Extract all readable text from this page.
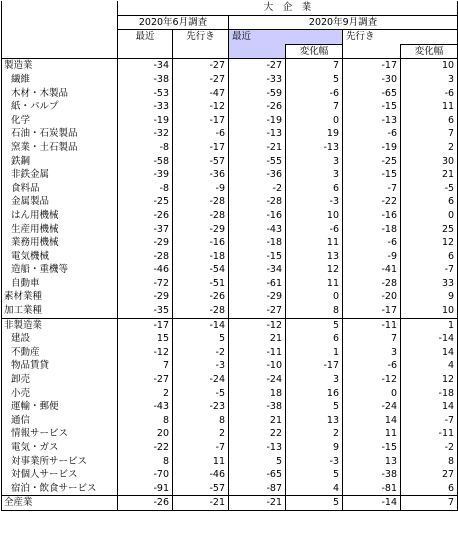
	大　企　業					
	2020年6月調査		2020年9月調査			
	最近	先行き	最近		先行き	
				変化幅		変化幅
製造業	-34	-27	-27	7	-17	10
繊維	-38	-27	-33	5	-30	3
木材・木製品	-53	-47	-59	-6	-65	-6
紙・パルプ	-33	-12	-26	7	-15	11
化学	-19	-17	-19	0	-13	6
石油・石炭製品	-32	-6	-13	19	-6	7
窯業・土石製品	-8	-17	-21	-13	-19	2
鉄鋼	-58	-57	-55	3	-25	30
非鉄金属	-39	-36	-36	3	-15	21
食料品	-8	-9	-2	6	-7	-5
金属製品	-25	-28	-28	-3	-22	6
はん用機械	-26	-28	-16	10	-16	0
生産用機械	-37	-29	-43	-6	-18	25
業務用機械	-29	-16	-18	11	-6	12
電気機械	-28	-18	-15	13	-9	6
造船・重機等	-46	-54	-34	12	-41	-7
自動車	-72	-51	-61	11	-28	33
素材業種	-29	-26	-29	0	-20	9
加工業種	-35	-28	-27	8	-17	10
非製造業	-17	-14	-12	5	-11	1
建設	15	5	21	6	7	-14
不動産	-12	-2	-11	1	3	14
物品賃貸	7	-3	-10	-17	-6	4
卸売	-27	-24	-24	3	-12	12
小売	2	-5	18	16	0	-18
運輸・郵便	-43	-23	-38	5	-24	14
通信	8	8	21	13	14	-7
情報サービス	20	2	22	2	11	-11
電気・ガス	-22	-7	-13	9	-15	-2
対事業所サービス	8	11	5	-3	13	8
対個人サービス	-70	-46	-65	5	-38	27
宿泊・飲食サービス	-91	-57	-87	4	-81	6
全産業	-26	-21	-21	5	-14	7
